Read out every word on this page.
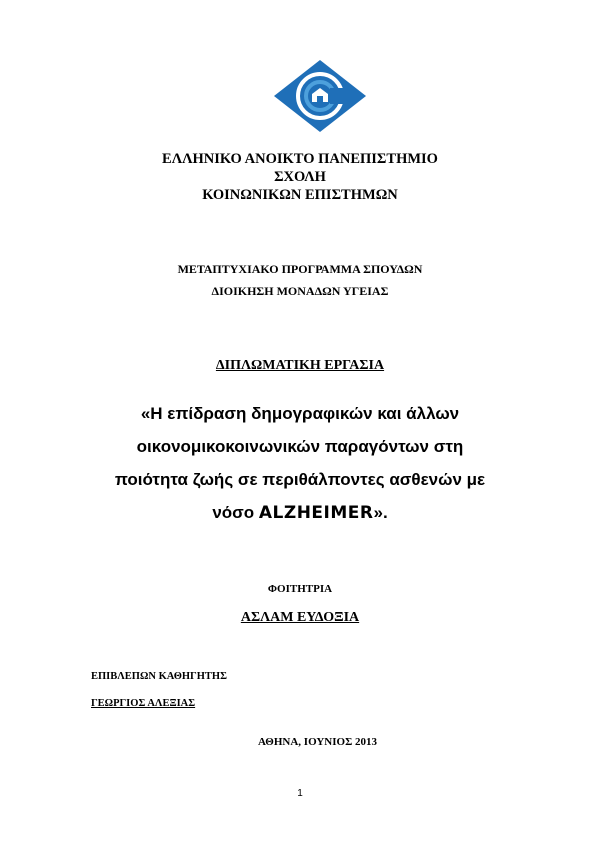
ΕΛΛΗΝΙΚΟ ΑΝΟΙΚΤΟ ΠΑΝΕΠΙΣΤΗΜΙΟ
ΣΧΟΛΗ
ΚΟΙΝΩΝΙΚΩΝ ΕΠΙΣΤΗΜΩΝ
ΜΕΤΑΠΤΥΧΙΑΚΟ ΠΡΟΓΡΑΜΜΑ ΣΠΟΥΔΩΝ
ΔΙΟΙΚΗΣΗ ΜΟΝΑΔΩΝ ΥΓΕΙΑΣ
ΔΙΠΛΩΜΑΤΙΚΗ ΕΡΓΑΣΙΑ
«Η επίδραση δημογραφικών και άλλων
οικονομικοκοινωνικών παραγόντων στη
ποιότητα ζωής σε περιθάλποντες ασθενών με
νόσο ALZHEIMER».
ΦΟΙΤΗΤΡΙΑ
ΑΣΛΑΜ ΕΥΔΟΞΙΑ
ΕΠΙΒΛΕΠΩΝ ΚΑΘΗΓΗΤΗΣ
ΓΕΩΡΓΙΟΣ ΑΛΕΞΙΑΣ
ΑΘΗΝΑ, ΙΟΥΝΙΟΣ 2013
1
